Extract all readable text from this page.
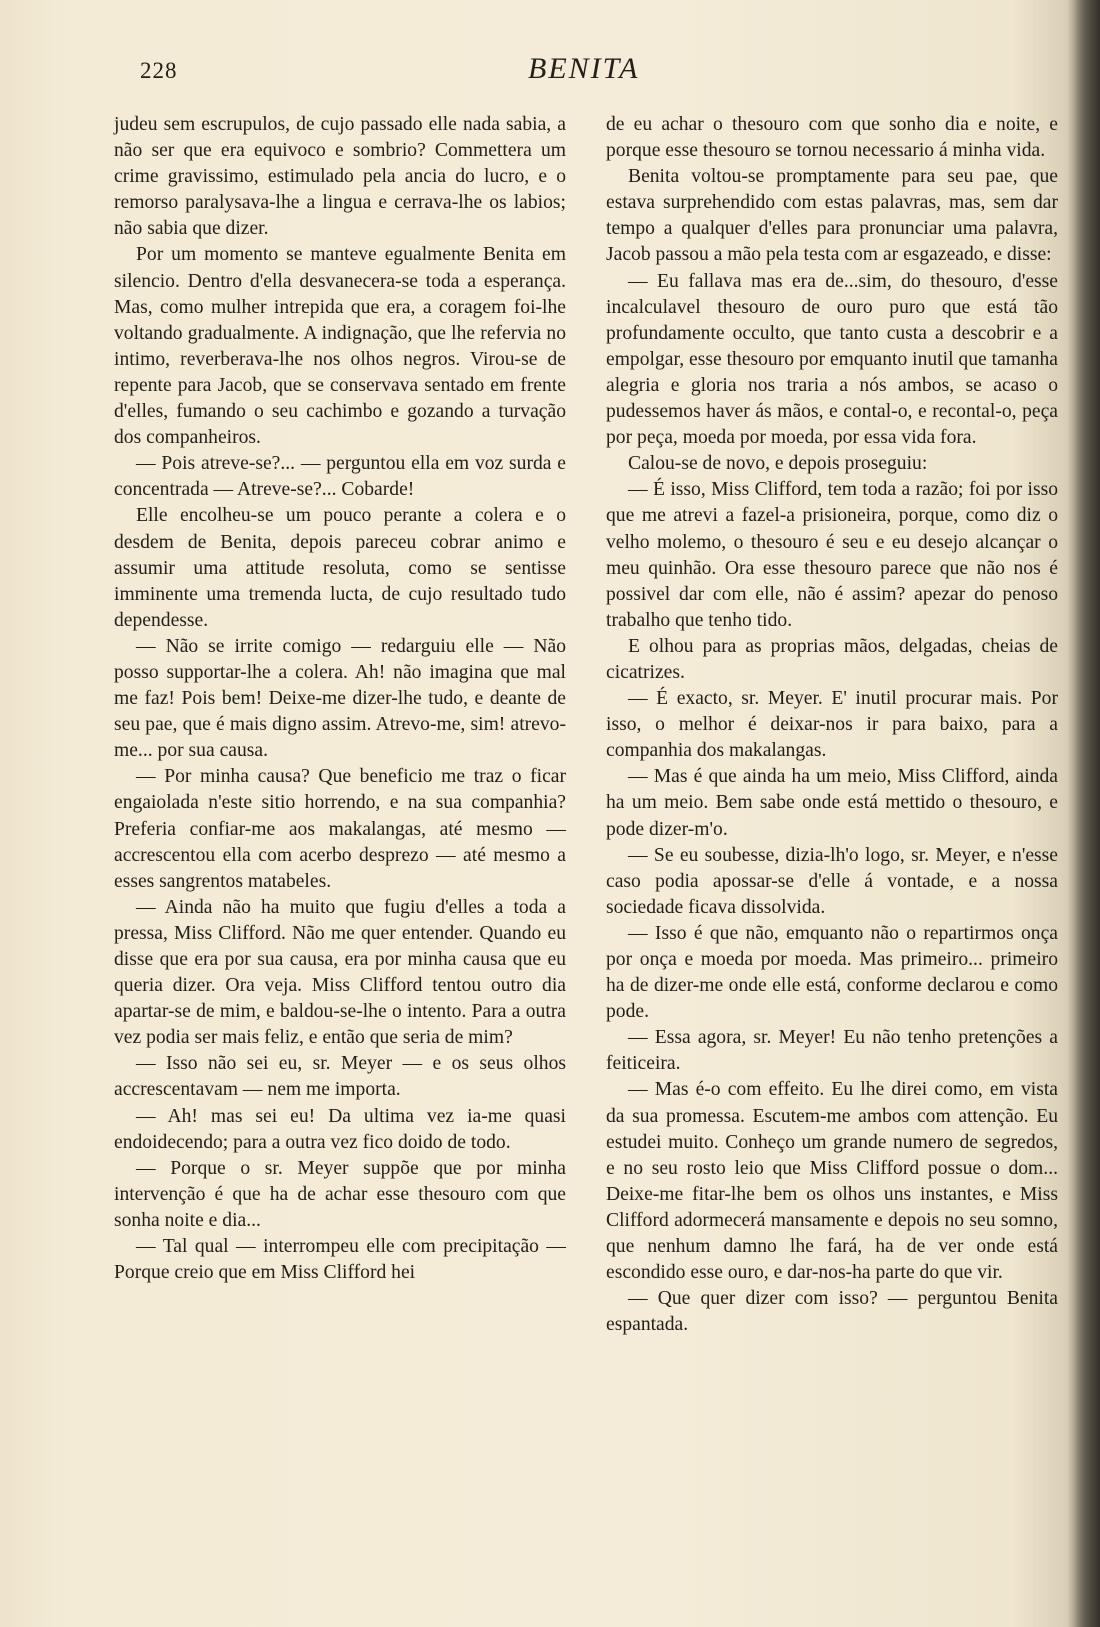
228	BENITA

judeu sem escrupulos, de cujo passado elle nada sabia, a não ser que era equivoco e sombrio? Commettera um crime gravissimo, estimulado pela ancia do lucro, e o remorso paralysava-lhe a lingua e cerrava-lhe os labios; não sabia que dizer.

Por um momento se manteve egualmente Benita em silencio. Dentro d'ella desvanecera-se toda a esperança. Mas, como mulher intrepida que era, a coragem foi-lhe voltando gradualmente. A indignação, que lhe refervia no intimo, reverberava-lhe nos olhos negros. Virou-se de repente para Jacob, que se conservava sentado em frente d'elles, fumando o seu cachimbo e gozando a turvação dos companheiros.

— Pois atreve-se?... — perguntou ella em voz surda e concentrada — Atreve-se?... Cobarde!

Elle encolheu-se um pouco perante a colera e o desdem de Benita, depois pareceu cobrar animo e assumir uma attitude resoluta, como se sentisse imminente uma tremenda lucta, de cujo resultado tudo dependesse.

— Não se irrite comigo — redarguiu elle — Não posso supportar-lhe a colera. Ah! não imagina que mal me faz! Pois bem! Deixe-me dizer-lhe tudo, e deante de seu pae, que é mais digno assim. Atrevo-me, sim! atrevo-me... por sua causa.

— Por minha causa? Que beneficio me traz o ficar engaiolada n'este sitio horrendo, e na sua companhia? Preferia confiar-me aos makalangas, até mesmo — accrescentou ella com acerbo desprezo — até mesmo a esses sangrentos matabeles.

— Ainda não ha muito que fugiu d'elles a toda a pressa, Miss Clifford. Não me quer entender. Quando eu disse que era por sua causa, era por minha causa que eu queria dizer. Ora veja. Miss Clifford tentou outro dia apartar-se de mim, e baldou-se-lhe o intento. Para a outra vez podia ser mais feliz, e então que seria de mim?

— Isso não sei eu, sr. Meyer — e os seus olhos accrescentavam — nem me importa.

— Ah! mas sei eu! Da ultima vez ia-me quasi endoidecendo; para a outra vez fico doido de todo.

— Porque o sr. Meyer suppõe que por minha intervenção é que ha de achar esse thesouro com que sonha noite e dia...

— Tal qual — interrompeu elle com precipitação — Porque creio que em Miss Clifford hei

de eu achar o thesouro com que sonho dia e noite, e porque esse thesouro se tornou necessario á minha vida.

Benita voltou-se promptamente para seu pae, que estava surprehendido com estas palavras, mas, sem dar tempo a qualquer d'elles para pronunciar uma palavra, Jacob passou a mão pela testa com ar esgazeado, e disse:

— Eu fallava mas era de...sim, do thesouro, d'esse incalculavel thesouro de ouro puro que está tão profundamente occulto, que tanto custa a descobrir e a empolgar, esse thesouro por emquanto inutil que tamanha alegria e gloria nos traria a nós ambos, se acaso o pudessemos haver ás mãos, e contal-o, e recontal-o, peça por peça, moeda por moeda, por essa vida fora.

Calou-se de novo, e depois proseguiu:

— É isso, Miss Clifford, tem toda a razão; foi por isso que me atrevi a fazel-a prisioneira, porque, como diz o velho molemo, o thesouro é seu e eu desejo alcançar o meu quinhão. Ora esse thesouro parece que não nos é possivel dar com elle, não é assim? apezar do penoso trabalho que tenho tido.

E olhou para as proprias mãos, delgadas, cheias de cicatrizes.

— É exacto, sr. Meyer. E' inutil procurar mais. Por isso, o melhor é deixar-nos ir para baixo, para a companhia dos makalangas.

— Mas é que ainda ha um meio, Miss Clifford, ainda ha um meio. Bem sabe onde está mettido o thesouro, e pode dizer-m'o.

— Se eu soubesse, dizia-lh'o logo, sr. Meyer, e n'esse caso podia apossar-se d'elle á vontade, e a nossa sociedade ficava dissolvida.

— Isso é que não, emquanto não o repartirmos onça por onça e moeda por moeda. Mas primeiro... primeiro ha de dizer-me onde elle está, conforme declarou e como pode.

— Essa agora, sr. Meyer! Eu não tenho pretenções a feiticeira.

— Mas é-o com effeito. Eu lhe direi como, em vista da sua promessa. Escutem-me ambos com attenção. Eu estudei muito. Conheço um grande numero de segredos, e no seu rosto leio que Miss Clifford possue o dom... Deixe-me fitar-lhe bem os olhos uns instantes, e Miss Clifford adormecerá mansamente e depois no seu somno, que nenhum damno lhe fará, ha de ver onde está escondido esse ouro, e dar-nos-ha parte do que vir.

— Que quer dizer com isso? — perguntou Benita espantada.
